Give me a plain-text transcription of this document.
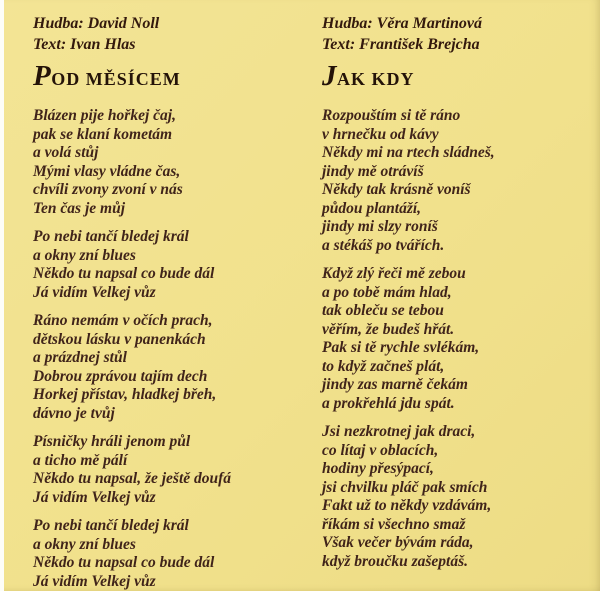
Hudba: David Noll
Text: Ivan Hlas
POD MĚSÍCEM
Blázen pije hořkej čaj,
pak se klaní kometám
a volá stůj
Mými vlasy vládne čas,
chvíli zvony zvoní v nás
Ten čas je můj
Po nebi tančí bledej král
a okny zní blues
Někdo tu napsal co bude dál
Já vidím Velkej vůz
Ráno nemám v očích prach,
dětskou lásku v panenkách
a prázdnej stůl
Dobrou zprávou tajím dech
Horkej přístav, hladkej břeh,
dávno je tvůj
Písničky hráli jenom půl
a ticho mě pálí
Někdo tu napsal, že ještě doufá
Já vidím Velkej vůz
Po nebi tančí bledej král
a okny zní blues
Někdo tu napsal co bude dál
Já vidím Velkej vůz
Hudba: Věra Martinová
Text: František Brejcha
JAK KDY
Rozpouštím si tě ráno
v hrnečku od kávy
Někdy mi na rtech sládneš,
jindy mě otrávíš
Někdy tak krásně voníš
půdou plantáží,
jindy mi slzy roníš
a stékáš po tvářích.
Když zlý řeči mě zebou
a po tobě mám hlad,
tak obleču se tebou
věřím, že budeš hřát.
Pak si tě rychle svlékám,
to když začneš plát,
jindy zas marně čekám
a prokřehlá jdu spát.
Jsi nezkrotnej jak draci,
co lítaj v oblacích,
hodiny přesýpací,
jsi chvilku pláč pak smích
Fakt už to někdy vzdávám,
říkám si všechno smaž
Však večer bývám ráda,
když broučku zašeptáš.
